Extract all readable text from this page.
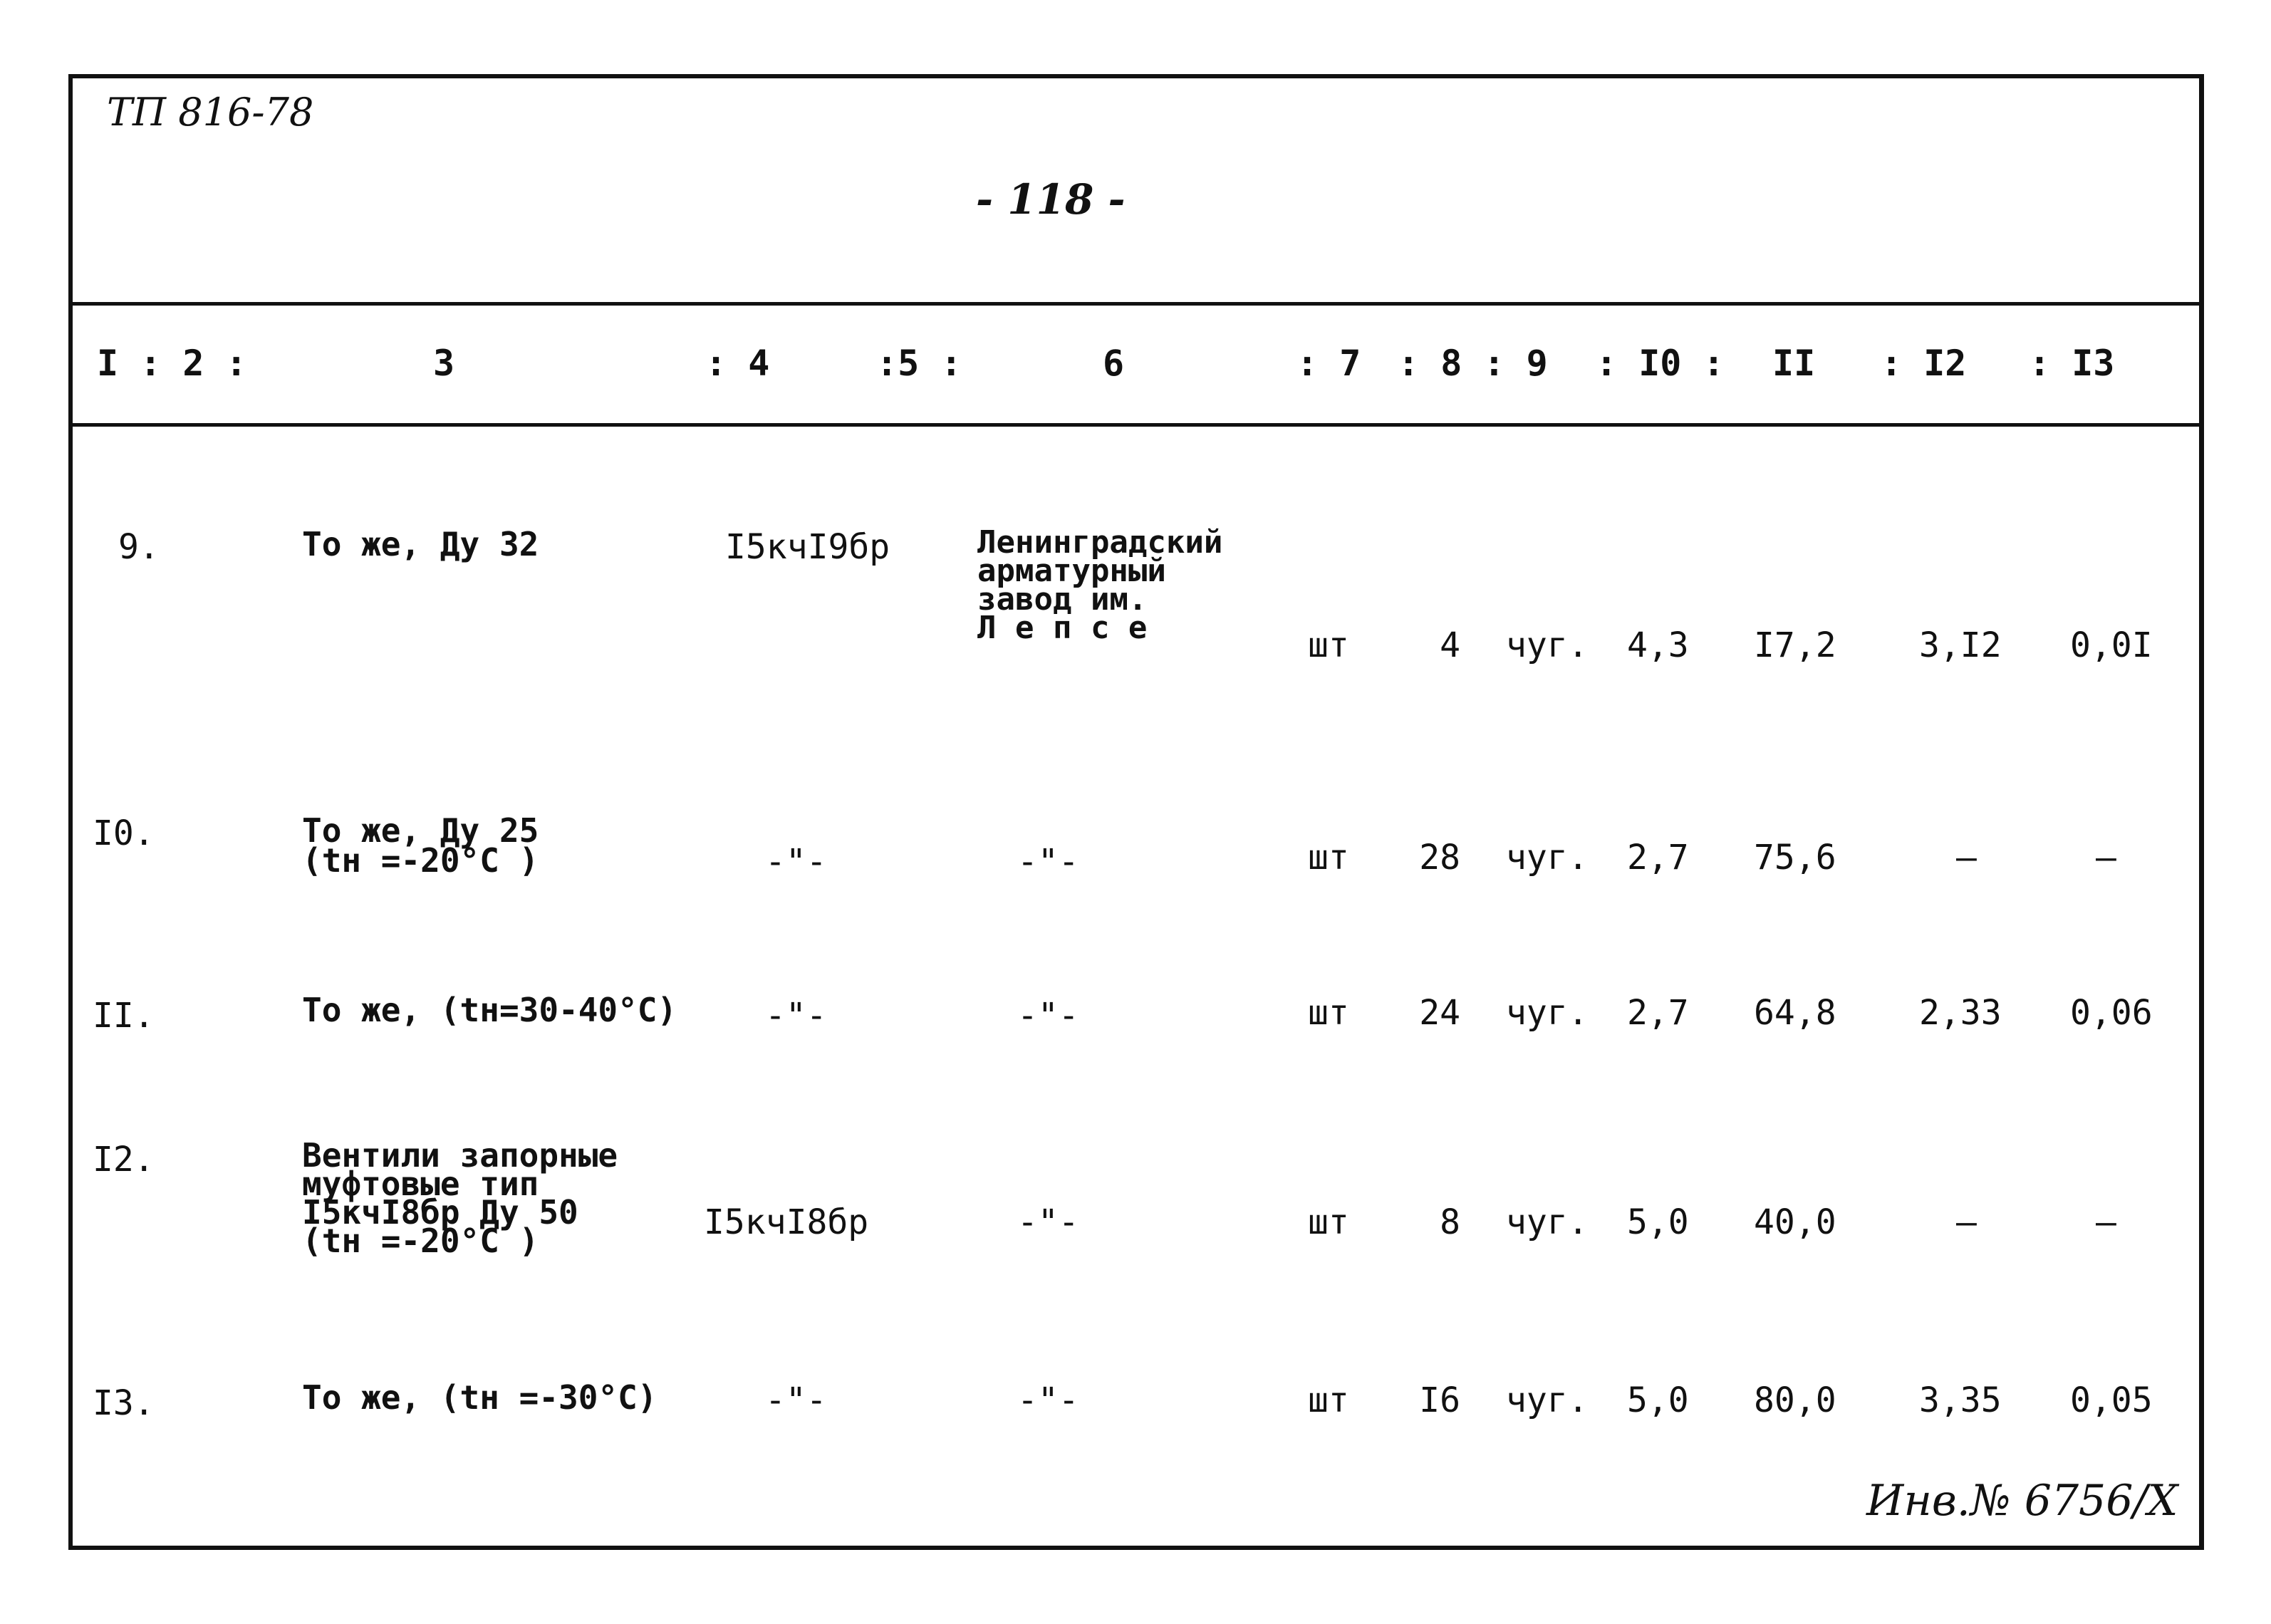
ТП 816-78
- 118 -
Инв.№ 6756/X
I : 2 :	3	: 4	:5 :	6	: 7 : 8 : 9 : I0 : II : I2 : I3
9.	То же, Ду 32	I5кчI9бр	Ленинградский
арматурный
завод им.
Л е п с е	шт	4 чуг. 4,3 I7,2 3,I2 0,0I
I0.	То же, Ду 25
(tн =-20°С )	-"-	-"-	шт	28 чуг. 2,7 75,6	—	—
II.	То же, (tн=30-40°С)	-"-	-"-	шт	24 чуг. 2,7 64,8 2,33 0,06
I2.	Вентили запорные
муфтовые тип
I5кчI8бр Ду 50
(tн =-20°С )	I5кчI8бр	-"-	шт	8 чуг. 5,0 40,0	—	—
I3.	То же, (tн =-30°С)	-"-	-"-	шт	I6 чуг. 5,0 80,0 3,35 0,05
